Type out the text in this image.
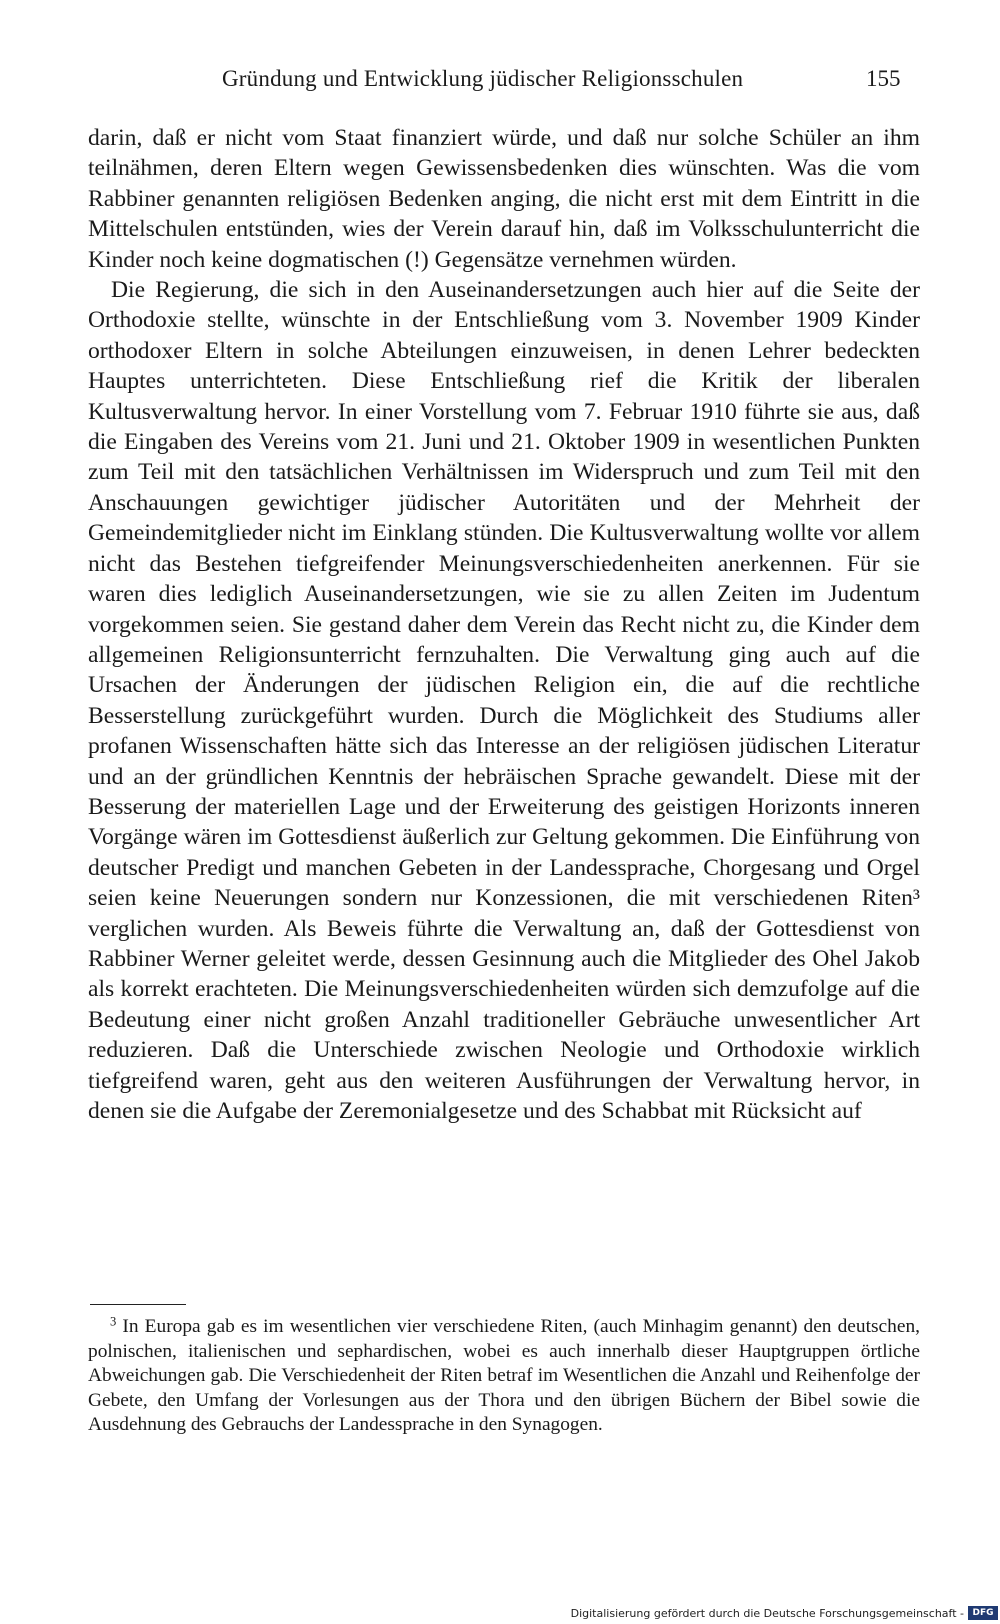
Gründung und Entwicklung jüdischer Religionsschulen	155

darin, daß er nicht vom Staat finanziert würde, und daß nur solche Schüler an ihm teilnähmen, deren Eltern wegen Gewissensbedenken dies wünschten. Was die vom Rabbiner genannten religiösen Bedenken anging, die nicht erst mit dem Eintritt in die Mittelschulen entstünden, wies der Verein darauf hin, daß im Volksschulunterricht die Kinder noch keine dogmatischen (!) Gegensätze vernehmen würden.

Die Regierung, die sich in den Auseinandersetzungen auch hier auf die Seite der Orthodoxie stellte, wünschte in der Entschließung vom 3. November 1909 Kinder orthodoxer Eltern in solche Abteilungen einzuweisen, in denen Lehrer bedeckten Hauptes unterrichteten. Diese Entschließung rief die Kritik der liberalen Kultusverwaltung hervor. In einer Vorstellung vom 7. Februar 1910 führte sie aus, daß die Eingaben des Vereins vom 21. Juni und 21. Oktober 1909 in wesentlichen Punkten zum Teil mit den tatsächlichen Verhältnissen im Widerspruch und zum Teil mit den Anschauungen gewichtiger jüdischer Autoritäten und der Mehrheit der Gemeindemitglieder nicht im Einklang stünden. Die Kultusverwaltung wollte vor allem nicht das Bestehen tiefgreifender Meinungsverschiedenheiten anerkennen. Für sie waren dies lediglich Auseinandersetzungen, wie sie zu allen Zeiten im Judentum vorgekommen seien. Sie gestand daher dem Verein das Recht nicht zu, die Kinder dem allgemeinen Religionsunterricht fernzuhalten. Die Verwaltung ging auch auf die Ursachen der Änderungen der jüdischen Religion ein, die auf die rechtliche Besserstellung zurückgeführt wurden. Durch die Möglichkeit des Studiums aller profanen Wissenschaften hätte sich das Interesse an der religiösen jüdischen Literatur und an der gründlichen Kenntnis der hebräischen Sprache gewandelt. Diese mit der Besserung der materiellen Lage und der Erweiterung des geistigen Horizonts inneren Vorgänge wären im Gottesdienst äußerlich zur Geltung gekommen. Die Einführung von deutscher Predigt und manchen Gebeten in der Landessprache, Chorgesang und Orgel seien keine Neuerungen sondern nur Konzessionen, die mit verschiedenen Riten³ verglichen wurden. Als Beweis führte die Verwaltung an, daß der Gottesdienst von Rabbiner Werner geleitet werde, dessen Gesinnung auch die Mitglieder des Ohel Jakob als korrekt erachteten. Die Meinungsverschiedenheiten würden sich demzufolge auf die Bedeutung einer nicht großen Anzahl traditioneller Gebräuche unwesentlicher Art reduzieren. Daß die Unterschiede zwischen Neologie und Orthodoxie wirklich tiefgreifend waren, geht aus den weiteren Ausführungen der Verwaltung hervor, in denen sie die Aufgabe der Zeremonialgesetze und des Schabbat mit Rücksicht auf

$^3$ In Europa gab es im wesentlichen vier verschiedene Riten, (auch Minhagim genannt) den deutschen, polnischen, italienischen und sephardischen, wobei es auch innerhalb dieser Hauptgruppen örtliche Abweichungen gab. Die Verschiedenheit der Riten betraf im Wesentlichen die Anzahl und Reihenfolge der Gebete, den Umfang der Vorlesungen aus der Thora und den übrigen Büchern der Bibel sowie die Ausdehnung des Gebrauchs der Landessprache in den Synagogen.

Digitalisierung gefördert durch die Deutsche Forschungsgemeinschaft - DFG
